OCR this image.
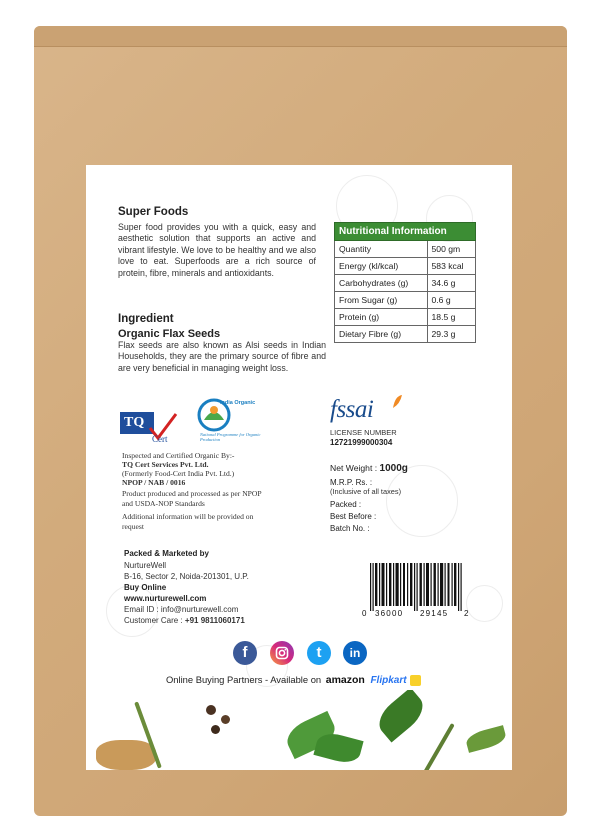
Super Foods
Super food provides you with a quick, easy and aesthetic solution that supports an active and vibrant lifestyle. We love to be healthy and we also love to eat. Superfoods are a rich source of protein, fibre, minerals and antioxidants.
Nutritional Information	
Quantity	500 gm
Energy (kl/kcal)	583 kcal
Carbohydrates (g)	34.6 g
From Sugar (g)	0.6 g
Protein (g)	18.5 g
Dietary Fibre (g)	29.3 g
Ingredient
Organic Flax Seeds
Flax seeds are also known as Alsi seeds in Indian Households, they are the primary source of fibre and are very beneficial in managing weight loss.
TQ
Cert
India Organic
National Programme for Organic Production
Inspected and Certified Organic By:-
TQ Cert Services Pvt. Ltd.
(Formerly Food-Cert India Pvt. Ltd.)
NPOP / NAB / 0016
Product produced and processed as per NPOP and USDA-NOP Standards
Additional information will be provided on request
fssai
LICENSE NUMBER
12721999000304
Net Weight : 1000g
M.R.P. Rs. :
(Inclusive of all taxes)
Packed :
Best Before :
Batch No. :
Packed & Marketed by
NurtureWell
B-16, Sector 2, Noida-201301, U.P.
Buy Online
www.nurturewell.com
Email ID : info@nurturewell.com
Customer Care : +91 9811060171
0 36000 29145 2
f	t	in
Online Buying Partners - Available on amazon Flipkart
